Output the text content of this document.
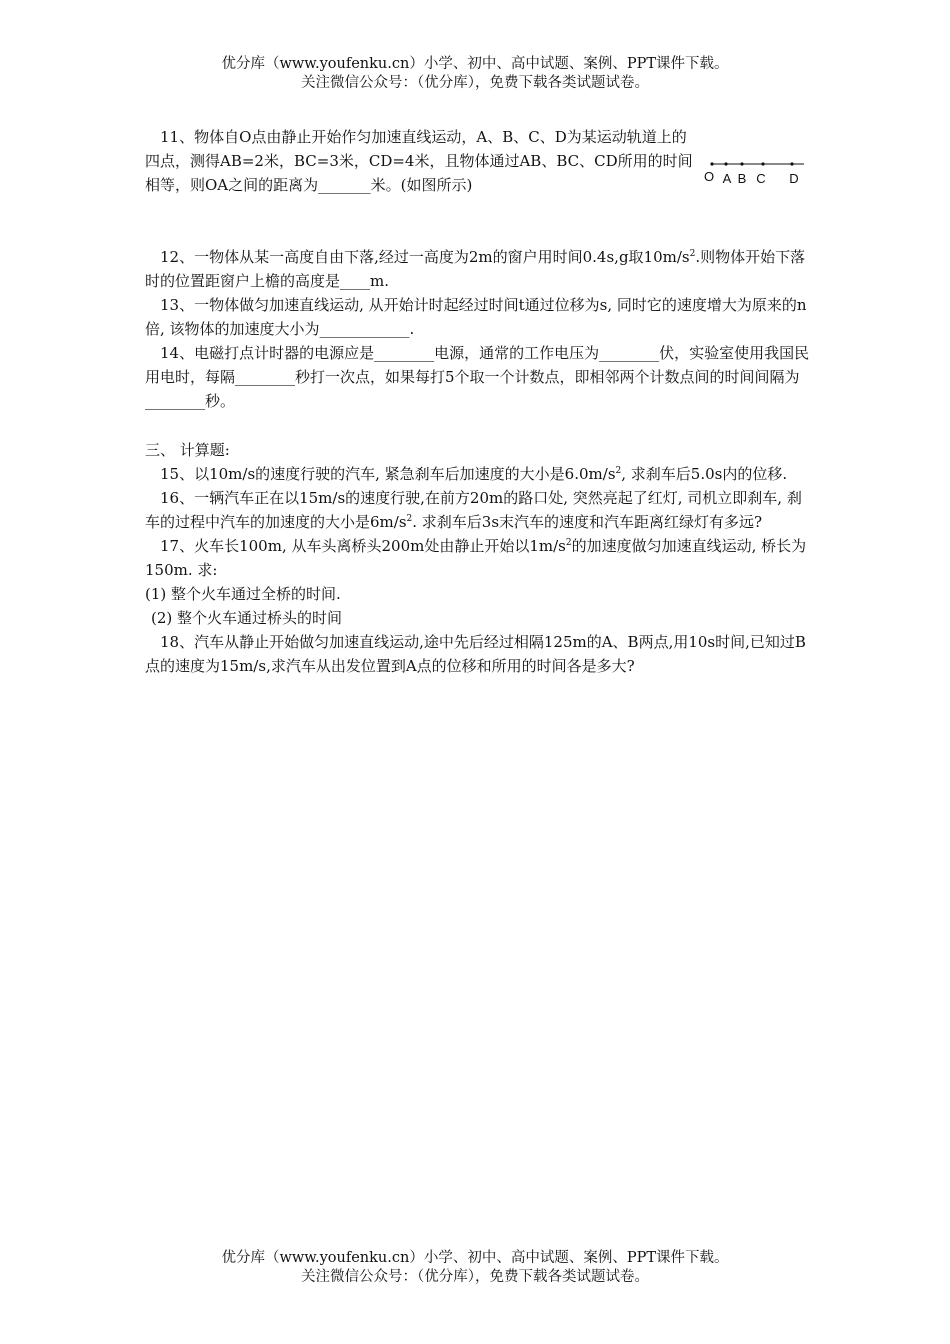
优分库（www.youfenku.cn）小学、初中、高中试题、案例、PPT课件下载。
关注微信公众号：（优分库），免费下载各类试题试卷。

11、物体自O点由静止开始作匀加速直线运动，A、B、C、D为某运动轨道上的四点，测得AB=2米，BC=3米，CD=4米，且物体通过AB、BC、CD所用的时间相等，则OA之间的距离为_______米。(如图所示)

12、一物体从某一高度自由下落,经过一高度为2m的窗户用时间0.4s,g取$10m/s^2$.则物体开始下落时的位置距窗户上檐的高度是____m.

13、一物体做匀加速直线运动, 从开始计时起经过时间t通过位移为s, 同时它的速度增大为原来的n倍, 该物体的加速度大小为____________.

14、电磁打点计时器的电源应是________电源，通常的工作电压为________伏，实验室使用我国民用电时，每隔________秒打一次点，如果每打5个取一个计数点，即相邻两个计数点间的时间间隔为________秒。

三、 计算题:

15、以10m/s的速度行驶的汽车, 紧急刹车后加速度的大小是$6.0m/s^2$, 求刹车后5.0s内的位移.

16、一辆汽车正在以15m/s的速度行驶,在前方20m的路口处, 突然亮起了红灯, 司机立即刹车, 刹车的过程中汽车的加速度的大小是$6m/s^2$. 求刹车后3s末汽车的速度和汽车距离红绿灯有多远?

17、火车长100m, 从车头离桥头200m处由静止开始以$1m/s^2$的加速度做匀加速直线运动, 桥长为150m. 求:

(1) 整个火车通过全桥的时间.

(2) 整个火车通过桥头的时间

18、汽车从静止开始做匀加速直线运动,途中先后经过相隔125m的A、B两点,用10s时间,已知过B点的速度为15m/s,求汽车从出发位置到A点的位移和所用的时间各是多大?

O A B C D
优分库（www.youfenku.cn）小学、初中、高中试题、案例、PPT课件下载。
关注微信公众号：（优分库），免费下载各类试题试卷。
